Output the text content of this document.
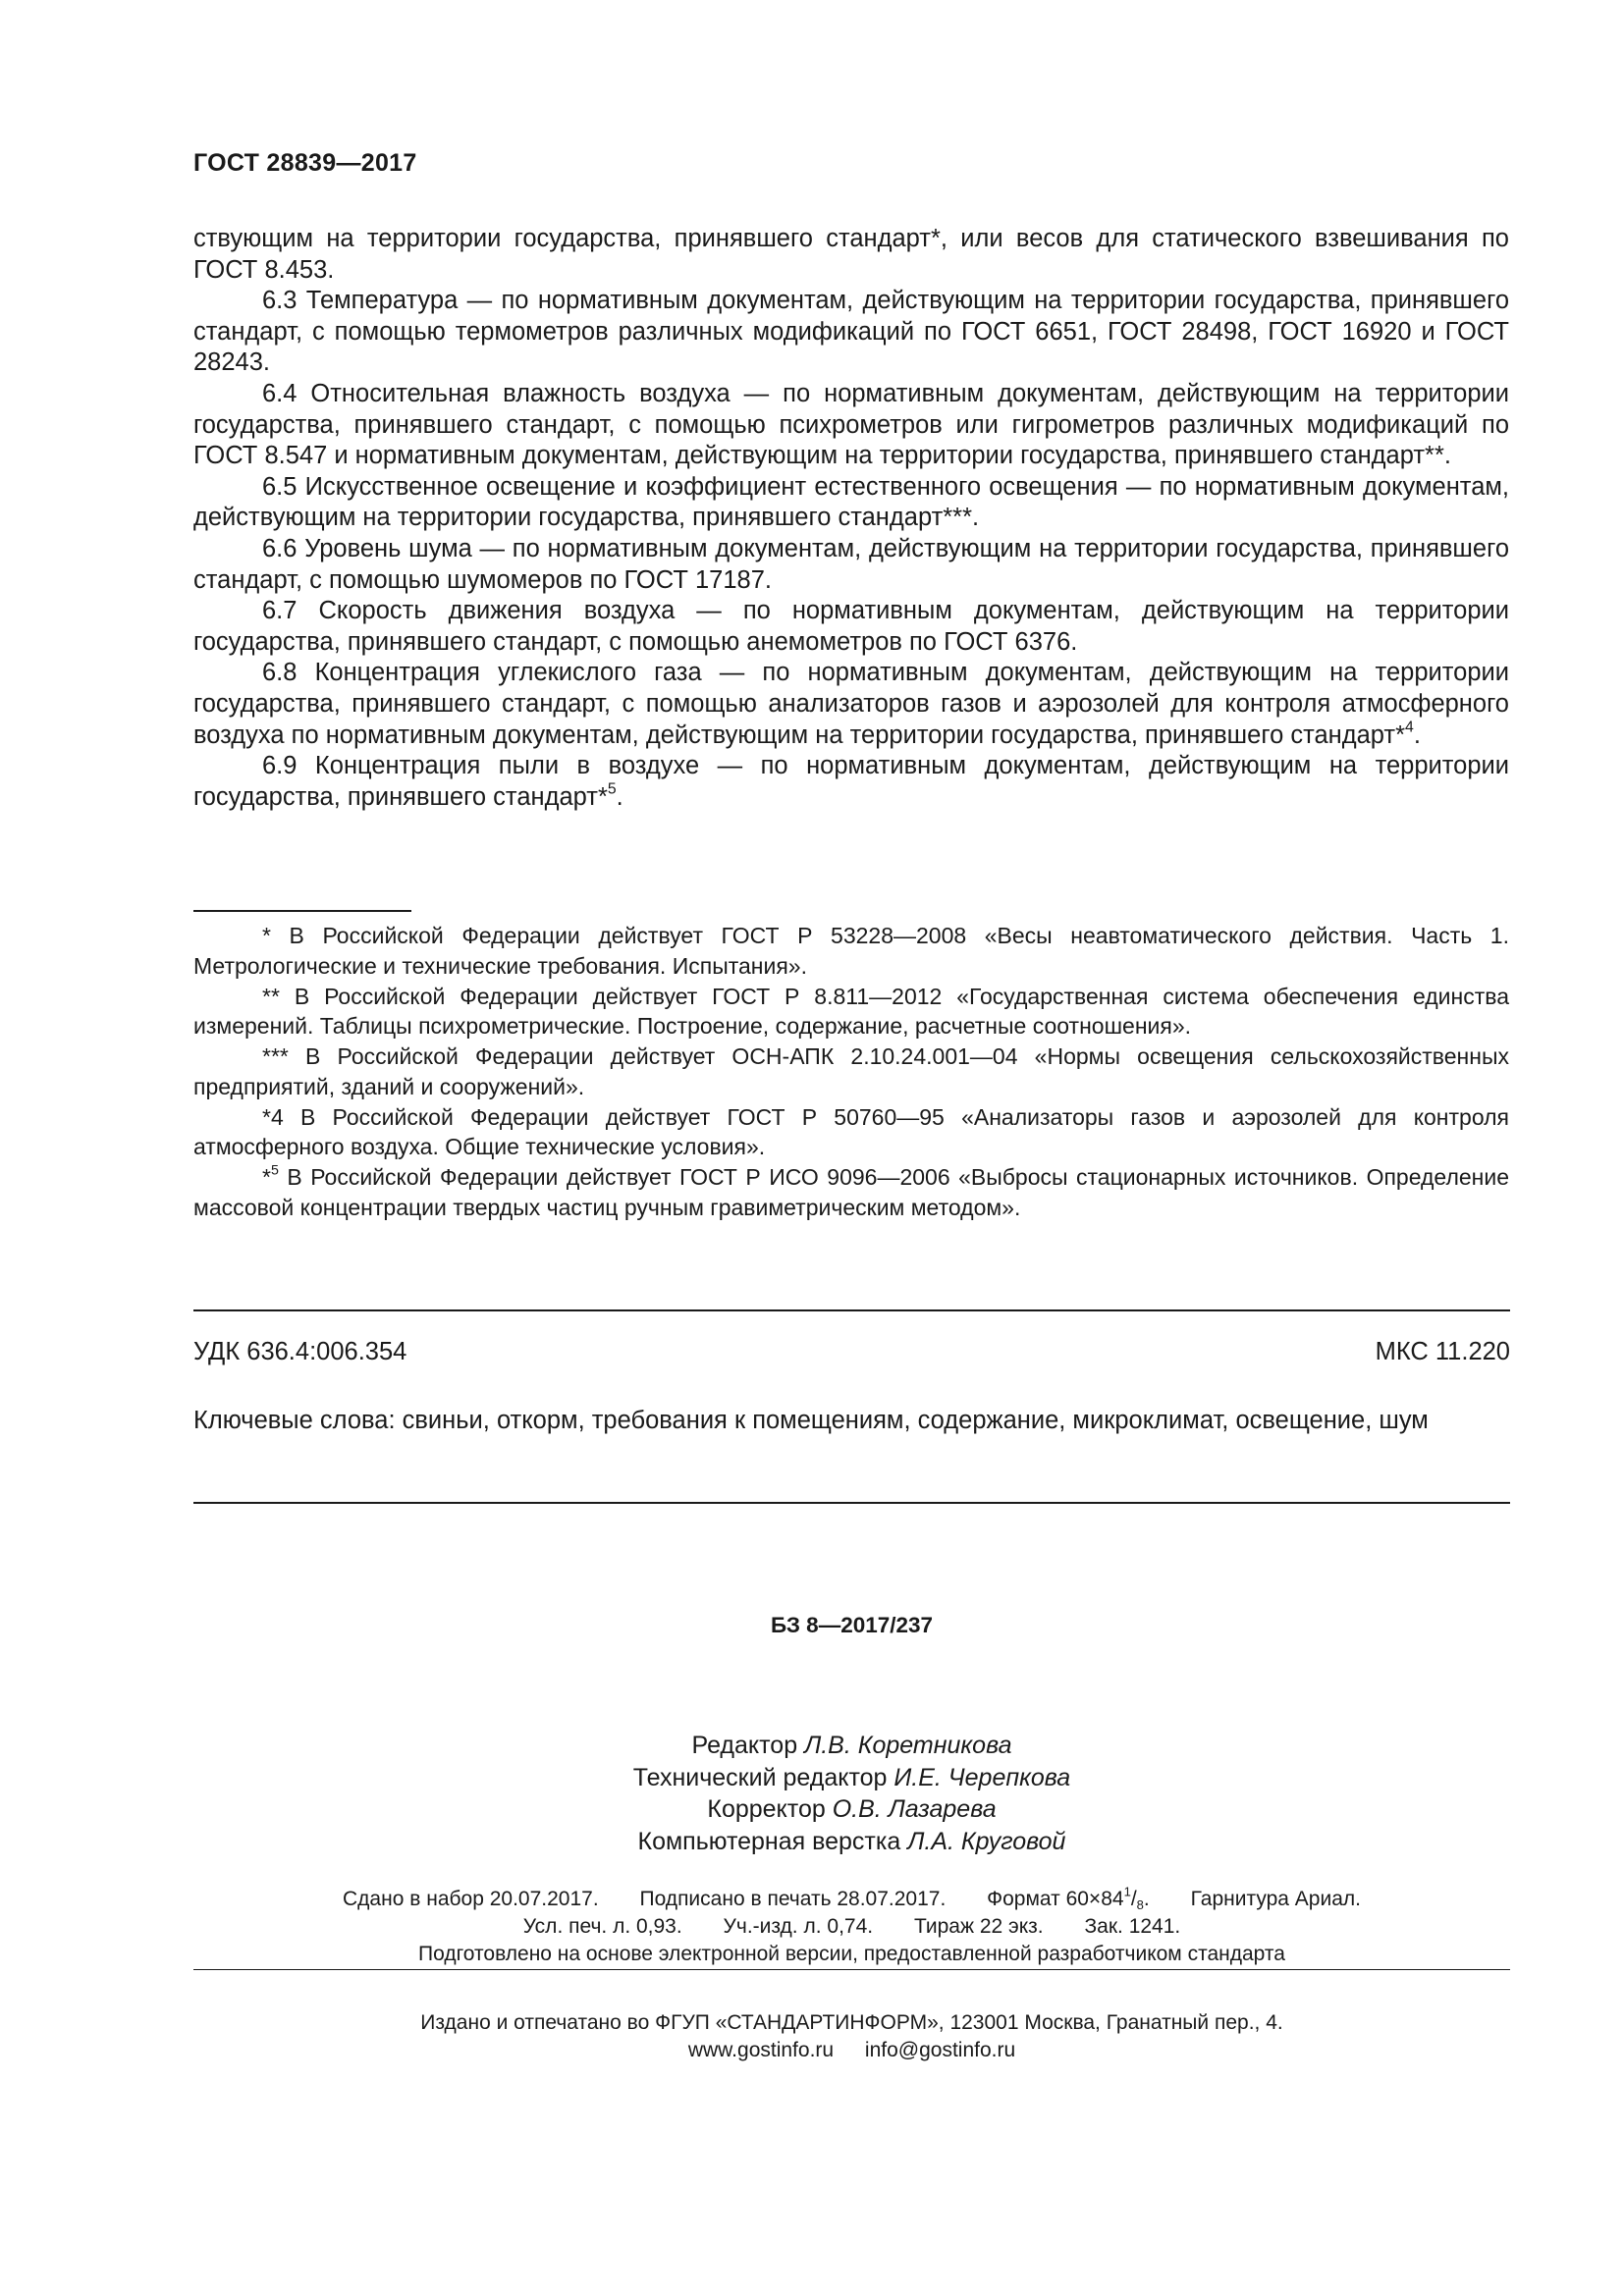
ГОСТ 28839—2017

ствующим на территории государства, принявшего стандарт*, или весов для статического взвешивания по ГОСТ 8.453.

6.3 Температура — по нормативным документам, действующим на территории государства, принявшего стандарт, с помощью термометров различных модификаций по ГОСТ 6651, ГОСТ 28498, ГОСТ 16920 и ГОСТ 28243.

6.4 Относительная влажность воздуха — по нормативным документам, действующим на территории государства, принявшего стандарт, с помощью психрометров или гигрометров различных модификаций по ГОСТ 8.547 и нормативным документам, действующим на территории государства, принявшего стандарт**.

6.5 Искусственное освещение и коэффициент естественного освещения — по нормативным документам, действующим на территории государства, принявшего стандарт***.

6.6 Уровень шума — по нормативным документам, действующим на территории государства, принявшего стандарт, с помощью шумомеров по ГОСТ 17187.

6.7 Скорость движения воздуха — по нормативным документам, действующим на территории государства, принявшего стандарт, с помощью анемометров по ГОСТ 6376.

6.8 Концентрация углекислого газа — по нормативным документам, действующим на территории государства, принявшего стандарт, с помощью анализаторов газов и аэрозолей для контроля атмосферного воздуха по нормативным документам, действующим на территории государства, принявшего стандарт*$^4$.

6.9 Концентрация пыли в воздухе — по нормативным документам, действующим на территории государства, принявшего стандарт*$^5$.

* В Российской Федерации действует ГОСТ Р 53228—2008 «Весы неавтоматического действия. Часть 1. Метрологические и технические требования. Испытания».

** В Российской Федерации действует ГОСТ Р 8.811—2012 «Государственная система обеспечения единства измерений. Таблицы психрометрические. Построение, содержание, расчетные соотношения».

*** В Российской Федерации действует ОСН-АПК 2.10.24.001—04 «Нормы освещения сельскохозяйственных предприятий, зданий и сооружений».

*4 В Российской Федерации действует ГОСТ Р 50760—95 «Анализаторы газов и аэрозолей для контроля атмосферного воздуха. Общие технические условия».

*$^5$ В Российской Федерации действует ГОСТ Р ИСО 9096—2006 «Выбросы стационарных источников. Определение массовой концентрации твердых частиц ручным гравиметрическим методом».

УДК 636.4:006.354	МКС 11.220
Ключевые слова: свиньи, откорм, требования к помещениям, содержание, микроклимат, освещение, шум
БЗ 8—2017/237
Редактор Л.В. Коретникова
Технический редактор И.Е. Черепкова
Корректор О.В. Лазарева
Компьютерная верстка Л.А. Круговой
Сдано в набор 20.07.2017. Подписано в печать 28.07.2017. Формат $60\times 84^1/_8$. Гарнитура Ариал.
Усл. печ. л. 0,93. Уч.-изд. л. 0,74. Тираж 22 экз. Зак. 1241.
Подготовлено на основе электронной версии, предоставленной разработчиком стандарта
Издано и отпечатано во ФГУП «СТАНДАРТИНФОРМ», 123001 Москва, Гранатный пер., 4.
www.gostinfo.ru info@gostinfo.ru
